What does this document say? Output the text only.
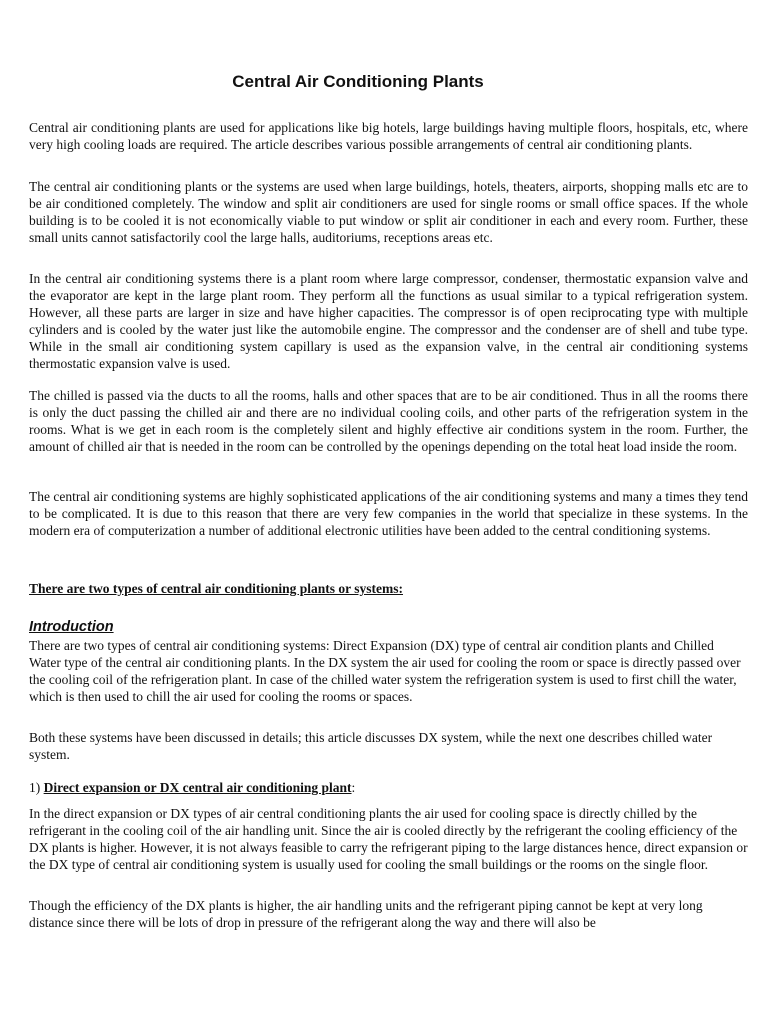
Central Air Conditioning Plants

Central air conditioning plants are used for applications like big hotels, large buildings having multiple floors, hospitals, etc, where very high cooling loads are required. The article describes various possible arrangements of central air conditioning plants.

The central air conditioning plants or the systems are used when large buildings, hotels, theaters, airports, shopping malls etc are to be air conditioned completely. The window and split air conditioners are used for single rooms or small office spaces. If the whole building is to be cooled it is not economically viable to put window or split air conditioner in each and every room. Further, these small units cannot satisfactorily cool the large halls, auditoriums, receptions areas etc.

In the central air conditioning systems there is a plant room where large compressor, condenser, thermostatic expansion valve and the evaporator are kept in the large plant room. They perform all the functions as usual similar to a typical refrigeration system. However, all these parts are larger in size and have higher capacities. The compressor is of open reciprocating type with multiple cylinders and is cooled by the water just like the automobile engine. The compressor and the condenser are of shell and tube type. While in the small air conditioning system capillary is used as the expansion valve, in the central air conditioning systems thermostatic expansion valve is used.

The chilled is passed via the ducts to all the rooms, halls and other spaces that are to be air conditioned. Thus in all the rooms there is only the duct passing the chilled air and there are no individual cooling coils, and other parts of the refrigeration system in the rooms. What is we get in each room is the completely silent and highly effective air conditions system in the room. Further, the amount of chilled air that is needed in the room can be controlled by the openings depending on the total heat load inside the room.

The central air conditioning systems are highly sophisticated applications of the air conditioning systems and many a times they tend to be complicated. It is due to this reason that there are very few companies in the world that specialize in these systems. In the modern era of computerization a number of additional electronic utilities have been added to the central conditioning systems.

There are two types of central air conditioning plants or systems:

Introduction

There are two types of central air conditioning systems: Direct Expansion (DX) type of central air condition plants and Chilled Water type of the central air conditioning plants. In the DX system the air used for cooling the room or space is directly passed over the cooling coil of the refrigeration plant. In case of the chilled water system the refrigeration system is used to first chill the water, which is then used to chill the air used for cooling the rooms or spaces.

Both these systems have been discussed in details; this article discusses DX system, while the next one describes chilled water system.

1) Direct expansion or DX central air conditioning plant:

In the direct expansion or DX types of air central conditioning plants the air used for cooling space is directly chilled by the refrigerant in the cooling coil of the air handling unit. Since the air is cooled directly by the refrigerant the cooling efficiency of the DX plants is higher. However, it is not always feasible to carry the refrigerant piping to the large distances hence, direct expansion or the DX type of central air conditioning system is usually used for cooling the small buildings or the rooms on the single floor.

Though the efficiency of the DX plants is higher, the air handling units and the refrigerant piping cannot be kept at very long distance since there will be lots of drop in pressure of the refrigerant along the way and there will also be
